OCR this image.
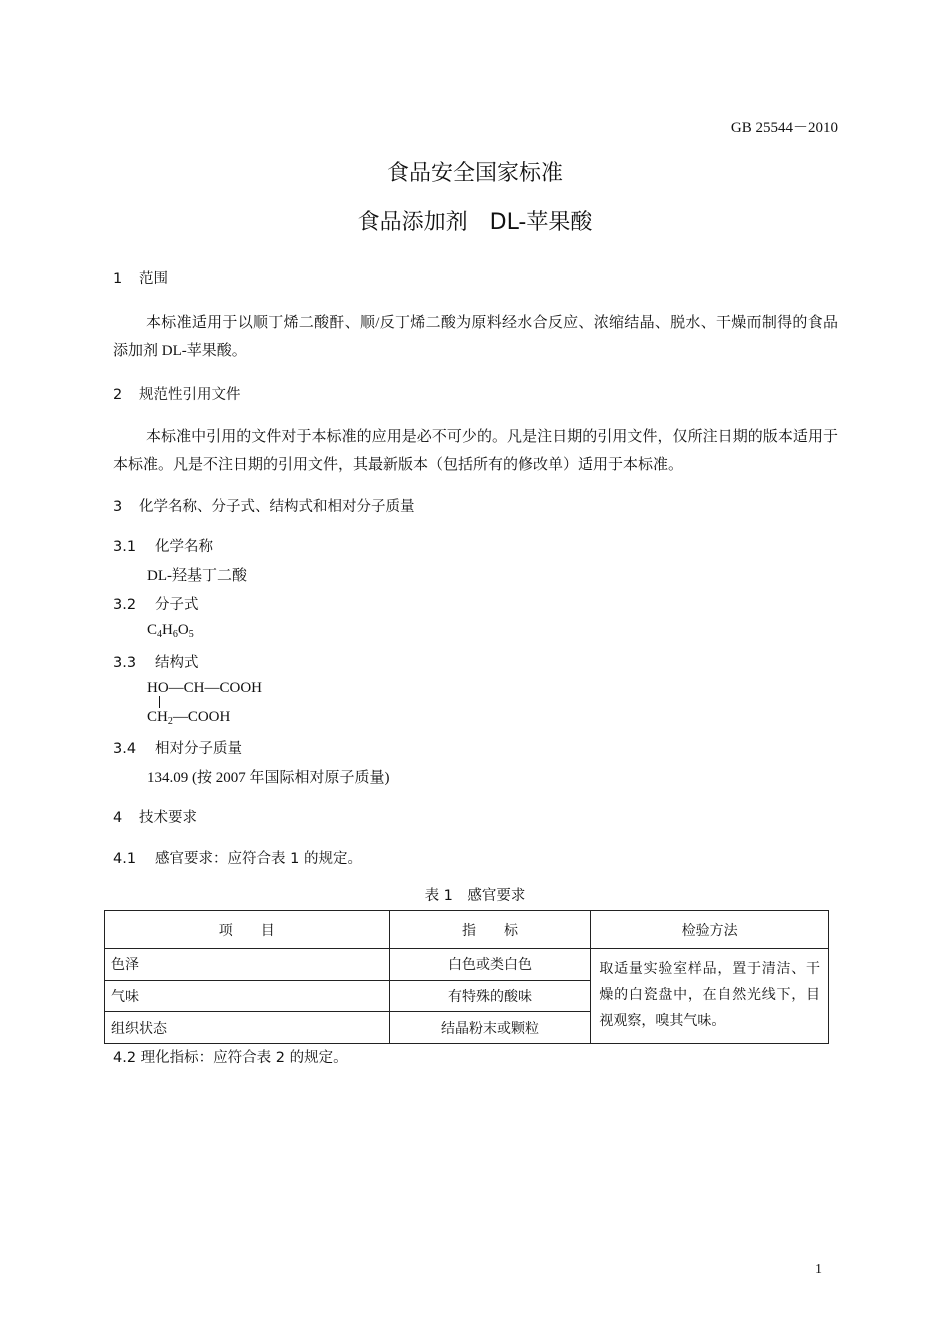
GB 25544－2010
食品安全国家标准
食品添加剂　DL-苹果酸
1 范围
本标准适用于以顺丁烯二酸酐、顺/反丁烯二酸为原料经水合反应、浓缩结晶、脱水、干燥而制得的食品添加剂 DL-苹果酸。
2 规范性引用文件
本标准中引用的文件对于本标准的应用是必不可少的。凡是注日期的引用文件，仅所注日期的版本适用于本标准。凡是不注日期的引用文件，其最新版本（包括所有的修改单）适用于本标准。
3 化学名称、分子式、结构式和相对分子质量
3.1 化学名称
DL-羟基丁二酸
3.2 分子式
$C_4H_6O_5$
3.3 结构式
HO—CH—COOH
$CH_2—COOH$
3.4 相对分子质量
134.09 (按 2007 年国际相对原子质量)
4 技术要求
4.1 感官要求：应符合表 1 的规定。
表 1　感官要求
项　　目	指　　标	检验方法
色泽	白色或类白色	取适量实验室样品，置于清洁、干燥的白瓷盘中，在自然光线下，目视观察，嗅其气味。
气味	有特殊的酸味	
组织状态	结晶粉末或颗粒	
4.2 理化指标：应符合表 2 的规定。
1
